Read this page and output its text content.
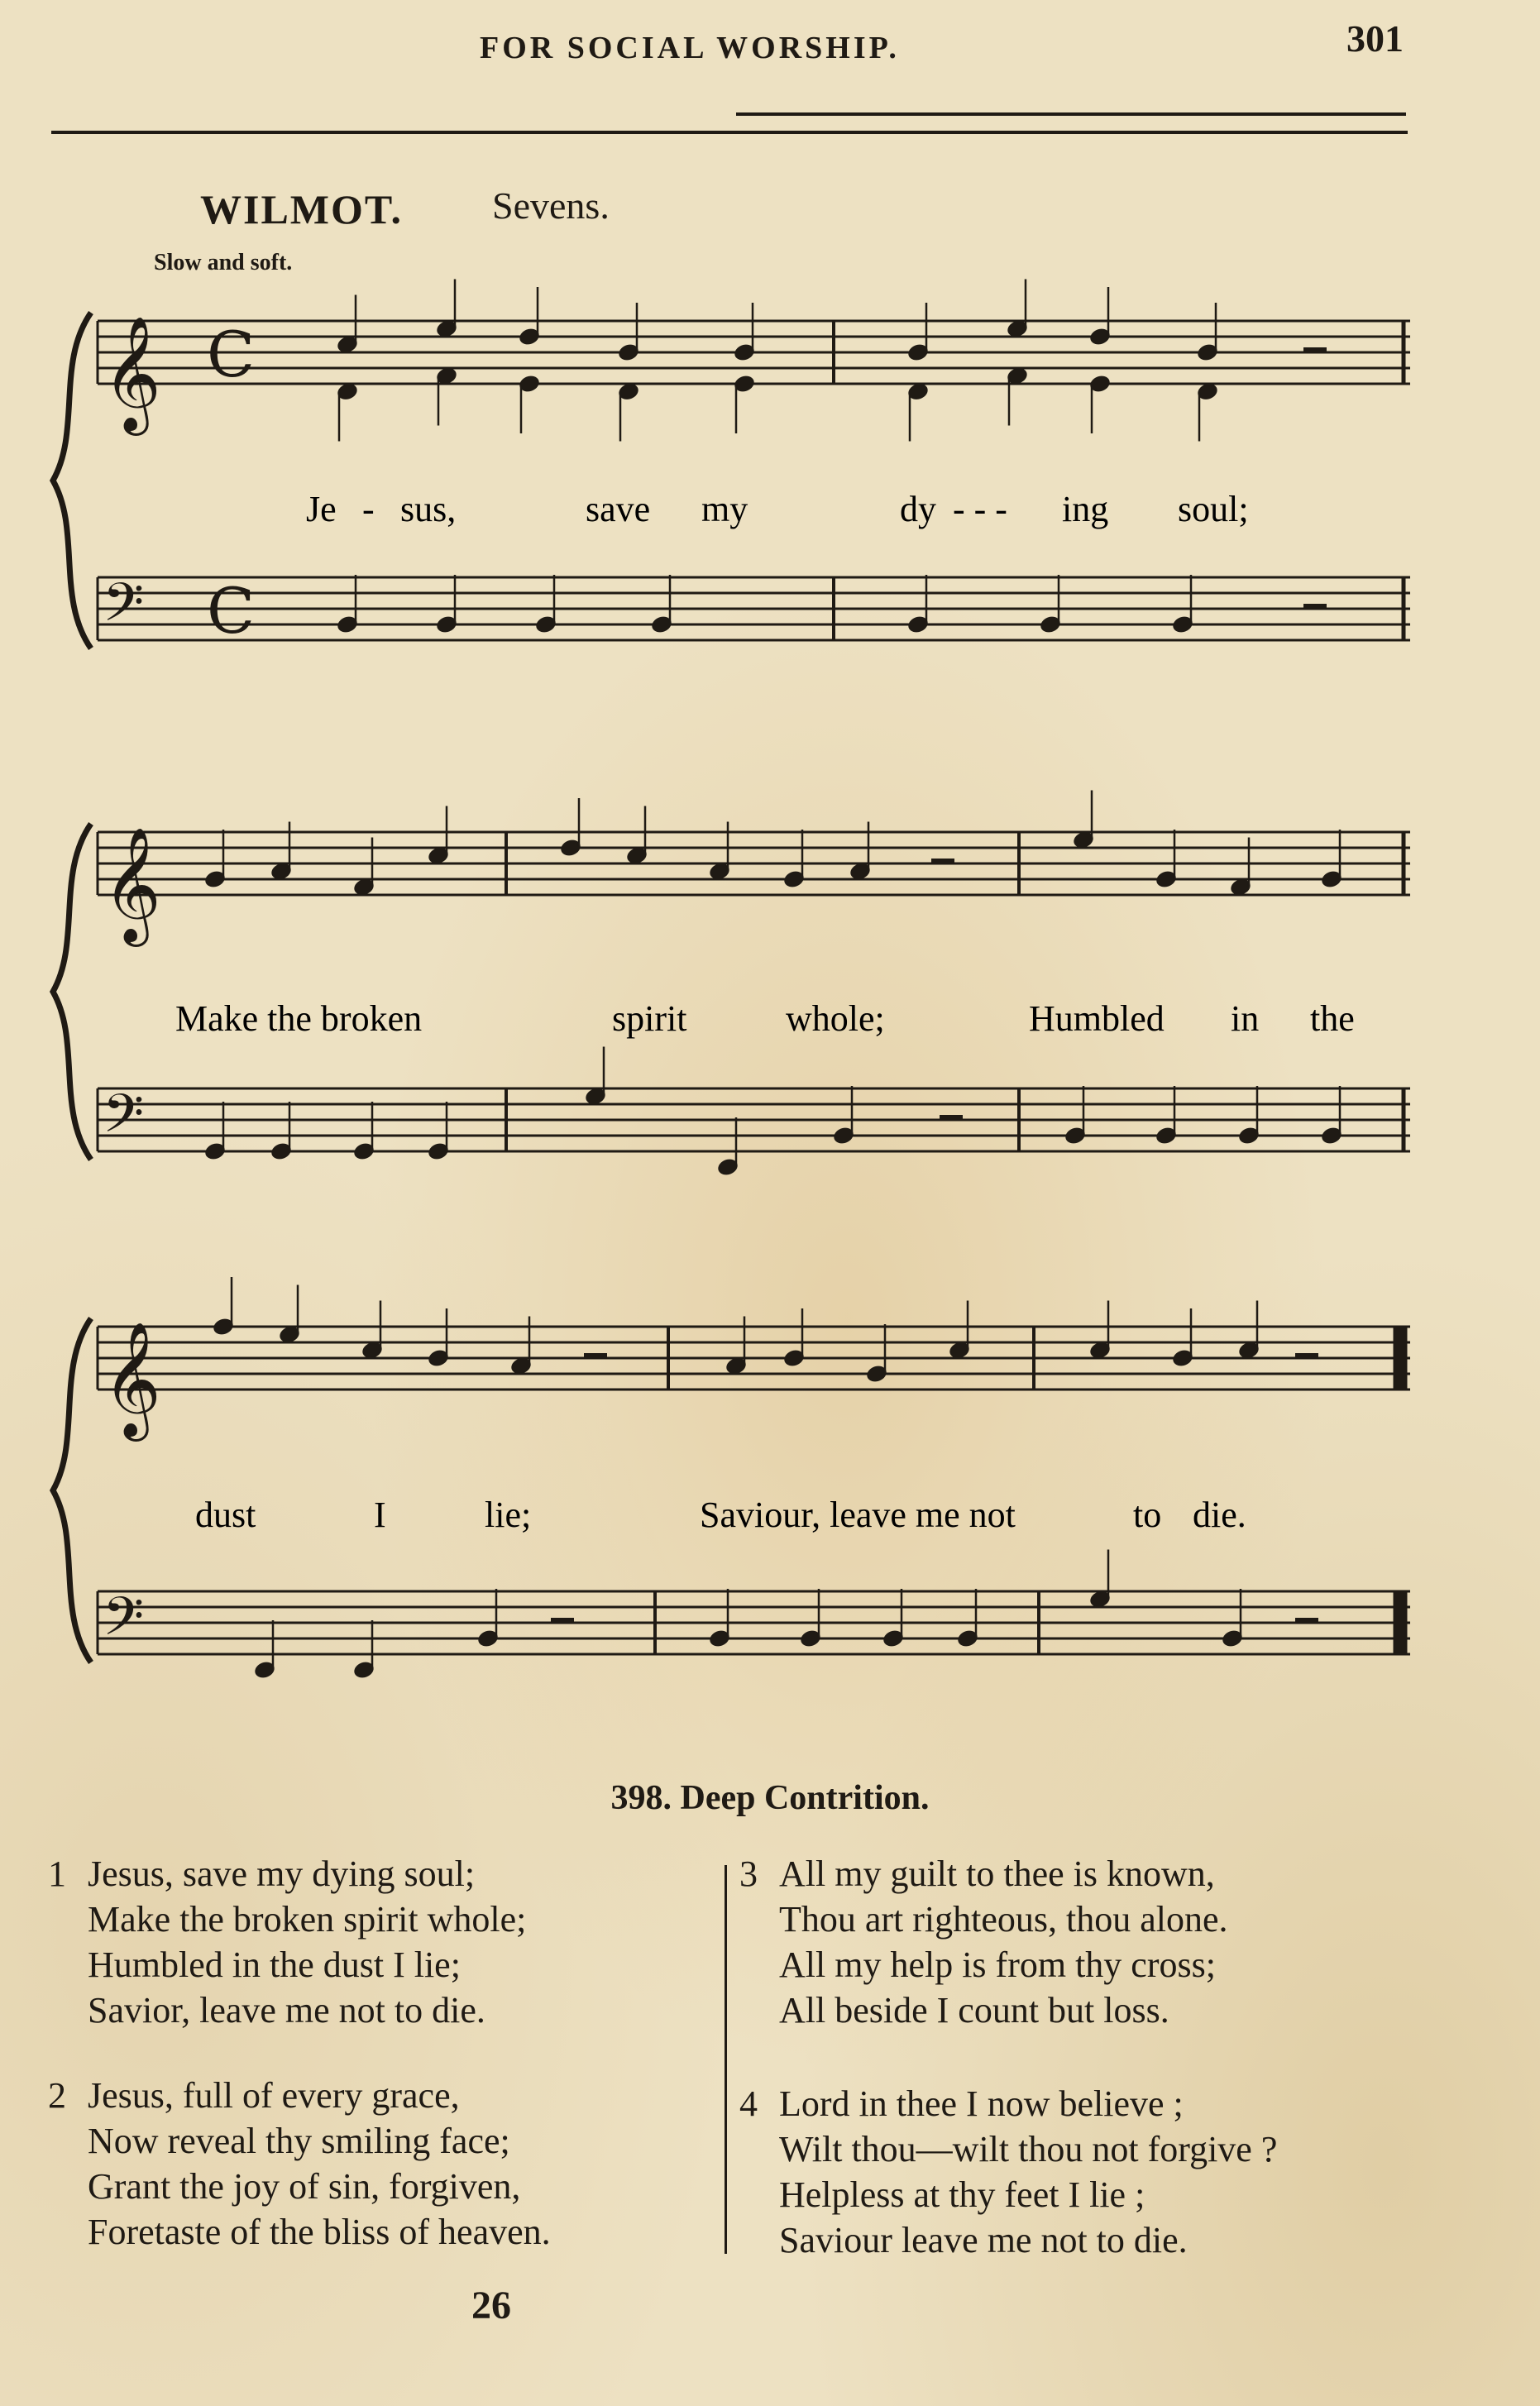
FOR SOCIAL WORSHIP.	301
WILMOT. Sevens.
Slow and soft.
𝄞 C
𝄢 C
𝄞
𝄢
𝄞
𝄢
Je - sus,	save my	dy - - - ing soul;
Make the broken	spirit	whole;	Humbled in the
dust	I	lie;	Saviour, leave me not	to die.
398. Deep Contrition.
1 Jesus, save my dying soul;
Make the broken spirit whole;
Humbled in the dust I lie;
Savior, leave me not to die.
2 Jesus, full of every grace,
Now reveal thy smiling face;
Grant the joy of sin, forgiven,
Foretaste of the bliss of heaven.
3 All my guilt to thee is known,
Thou art righteous, thou alone.
All my help is from thy cross;
All beside I count but loss.
4 Lord in thee I now believe ;
Wilt thou—wilt thou not forgive ?
Helpless at thy feet I lie ;
Saviour leave me not to die.
26
